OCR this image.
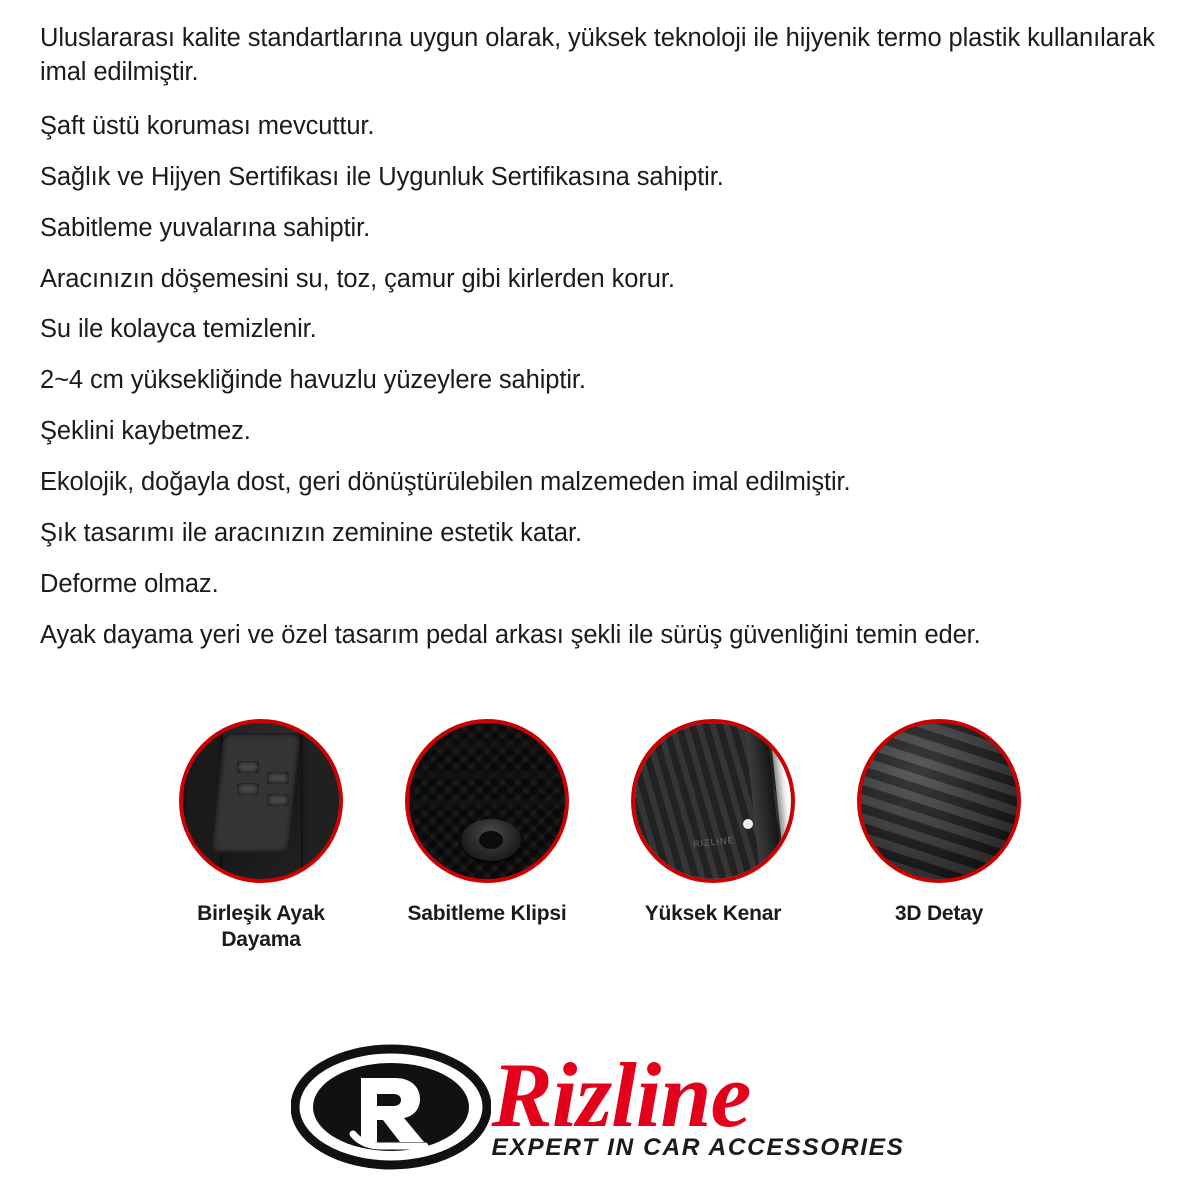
Uluslararası kalite standartlarına uygun olarak, yüksek teknoloji ile hijyenik termo plastik kullanılarak imal edilmiştir.
Şaft üstü koruması mevcuttur.
Sağlık ve Hijyen Sertifikası ile Uygunluk Sertifikasına sahiptir.
Sabitleme yuvalarına sahiptir.
Aracınızın döşemesini su, toz, çamur gibi kirlerden korur.
Su ile kolayca temizlenir.
2~4 cm yüksekliğinde havuzlu yüzeylere sahiptir.
Şeklini kaybetmez.
Ekolojik, doğayla dost, geri dönüştürülebilen malzemeden imal edilmiştir.
Şık tasarımı ile aracınızın zeminine estetik katar.
Deforme olmaz.
Ayak dayama yeri ve özel tasarım pedal arkası şekli ile sürüş güvenliğini temin eder.
Birleşik Ayak Dayama
Sabitleme Klipsi
RIZLINE
Yüksek Kenar	3D Detay
Rizline
EXPERT IN CAR ACCESSORIES
